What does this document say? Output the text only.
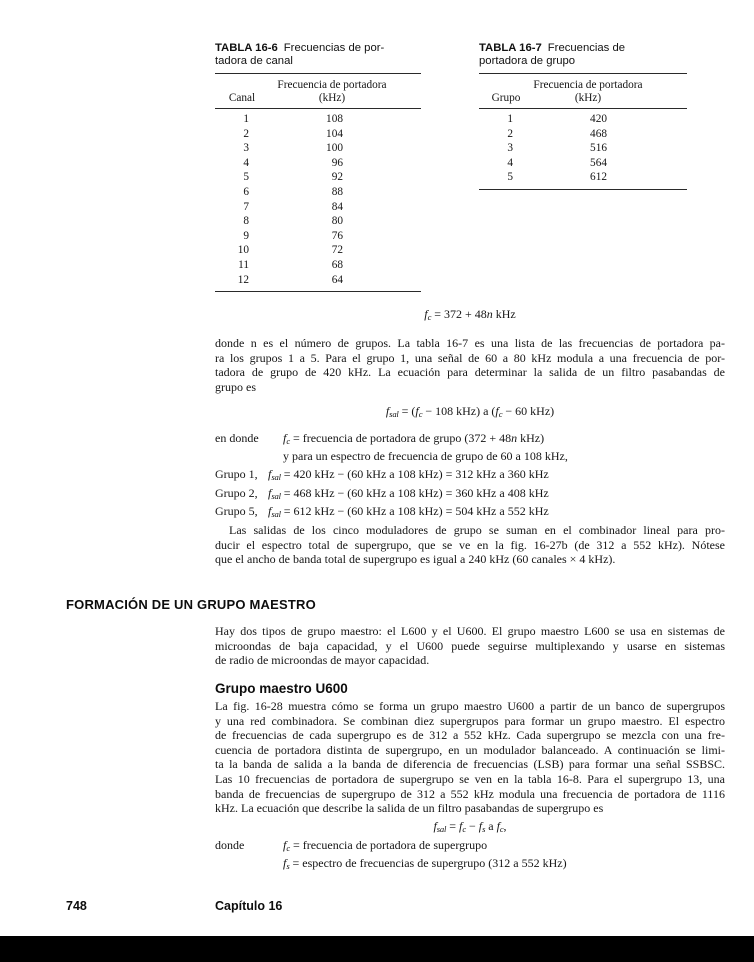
TABLA 16-6 Frecuencias de por-
tadora de canal
Canal
Frecuencia de portadora
(kHz)
1	108
2	104
3	100
4	96
5	92
6	88
7	84
8	80
9	76
10	72
11	68
12	64
TABLA 16-7 Frecuencias de
portadora de grupo
Grupo
Frecuencia de portadora
(kHz)
1	420
2	468
3	516
4	564
5	612
fc = 372 + 48n kHz
donde n es el número de grupos. La tabla 16-7 es una lista de las frecuencias de portadora pa-
ra los grupos 1 a 5. Para el grupo 1, una señal de 60 a 80 kHz modula a una frecuencia de por-
tadora de grupo de 420 kHz. La ecuación para determinar la salida de un filtro pasabandas de
grupo es
fsal = (fc − 108 kHz) a (fc − 60 kHz)
en donde	fc = frecuencia de portadora de grupo (372 + 48n kHz)
y para un espectro de frecuencia de grupo de 60 a 108 kHz,
Grupo 1, fsal = 420 kHz − (60 kHz a 108 kHz) = 312 kHz a 360 kHz
Grupo 2, fsal = 468 kHz − (60 kHz a 108 kHz) = 360 kHz a 408 kHz
Grupo 5, fsal = 612 kHz − (60 kHz a 108 kHz) = 504 kHz a 552 kHz
Las salidas de los cinco moduladores de grupo se suman en el combinador lineal para pro-
ducir el espectro total de supergrupo, que se ve en la fig. 16-27b (de 312 a 552 kHz). Nótese
que el ancho de banda total de supergrupo es igual a 240 kHz (60 canales × 4 kHz).
FORMACIÓN DE UN GRUPO MAESTRO
Hay dos tipos de grupo maestro: el L600 y el U600. El grupo maestro L600 se usa en sistemas de
microondas de baja capacidad, y el U600 puede seguirse multiplexando y usarse en sistemas
de radio de microondas de mayor capacidad.
Grupo maestro U600
La fig. 16-28 muestra cómo se forma un grupo maestro U600 a partir de un banco de supergrupos
y una red combinadora. Se combinan diez supergrupos para formar un grupo maestro. El espectro
de frecuencias de cada supergrupo es de 312 a 552 kHz. Cada supergrupo se mezcla con una fre-
cuencia de portadora distinta de supergrupo, en un modulador balanceado. A continuación se limi-
ta la banda de salida a la banda de diferencia de frecuencias (LSB) para formar una señal SSBSC.
Las 10 frecuencias de portadora de supergrupo se ven en la tabla 16-8. Para el supergrupo 13, una
banda de frecuencias de supergrupo de 312 a 552 kHz modula una frecuencia de portadora de 1116
kHz. La ecuación que describe la salida de un filtro pasabandas de supergrupo es
fsal = fc − fs a fc,
donde	fc = frecuencia de portadora de supergrupo
fs = espectro de frecuencias de supergrupo (312 a 552 kHz)
748	Capítulo 16
